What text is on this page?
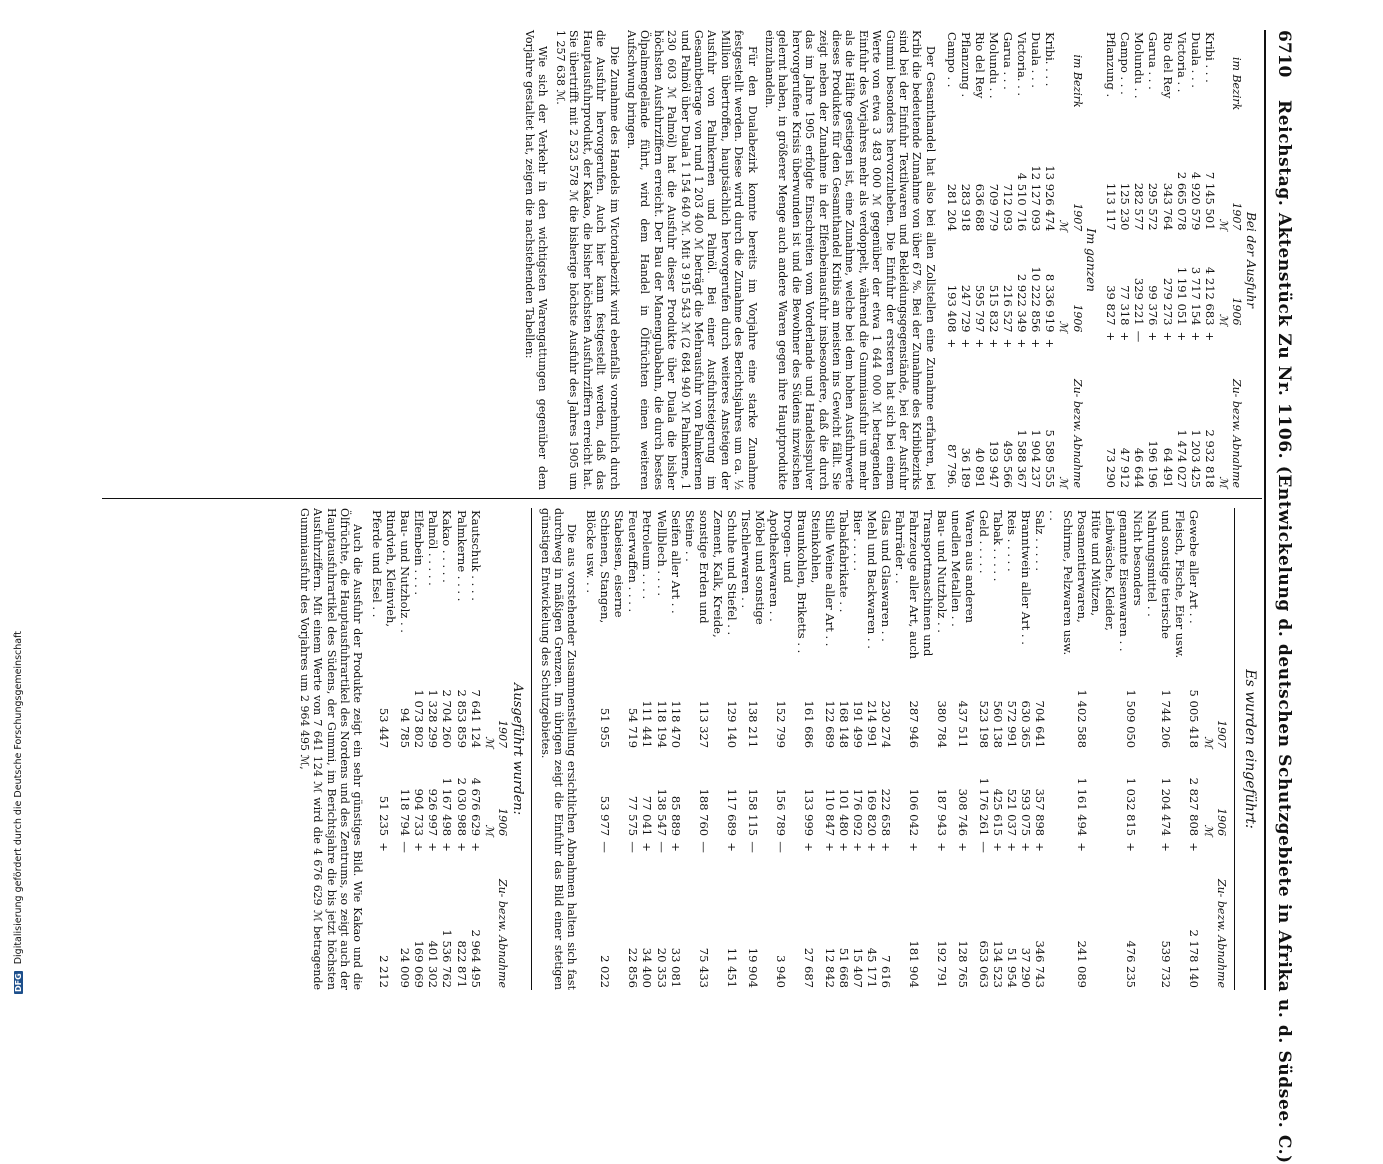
DFG Digitalisierung gefördert durch die Deutsche Forschungsgemeinschaft
6710
Reichstag. Aktenstück Zu Nr. 1106. (Entwickelung d. deutschen Schutzgebiete in Afrika u. d. Südsee. C.)
Bei der Ausfuhr
im Bezirk	1907	1906	Zu- bezw. Abnahme	
	ℳ	ℳ		ℳ
Kribi . . .	7 145 501	4 212 683	+	2 932 818
Duala . . .	4 920 579	3 717 154	+	1 203 425
Victoria . .	2 665 078	1 191 051	+	1 474 027
Rio del Rey	343 764	279 273	+	64 491
Garua . . .	295 572	99 376	+	196 196
Molundu . .	282 577	329 221	—	46 644
Campo . . .	125 230	77 318	+	47 912
Pflanzung .	113 117	39 827	+	73 290
Im ganzen
im Bezirk	1907	1906	Zu- bezw. Abnahme	
	ℳ	ℳ		ℳ
Kribi. . . .	13 926 474	8 336 919	+	5 589 555
Duala . . .	12 127 093	10 222 856	+	1 904 237
Victoria. . .	4 510 716	2 922 349	+	1 588 367
Garua . . .	712 093	216 527	+	495 566
Molundu . .	709 779	515 832	+	193 947
Rio del Rey	636 688	595 797	+	40 891
Pflanzung .	283 918	247 729	+	36 189
Campo . .	281 204	193 408	+	87 796.

Der Gesamthandel hat also bei allen Zollstellen eine Zunahme erfahren, bei Kribi die bedeutende Zunahme von über 67 %. Bei der Zunahme des Kribibezirks sind bei der Einfuhr Textilwaren und Bekleidungsgegenstände, bei der Ausfuhr Gummi besonders hervorzuheben. Die Einfuhr der ersteren hat sich bei einem Werte von etwa 3 483 000 ℳ gegenüber der etwa 1 644 000 ℳ betragenden Einfuhr des Vorjahres mehr als verdoppelt, während die Gummiausfuhr um mehr als die Hälfte gestiegen ist, eine Zunahme, welche bei dem hohen Ausfuhrwerte dieses Produktes für den Gesamthandel Kribis am meisten ins Gewicht fällt. Sie zeigt neben der Zunahme in der Elfenbeinausfuhr insbesondere, daß die durch das im Jahre 1905 erfolgte Einschreiten vom Vorderlande und Handelsspulver hervorgerufene Krisis überwunden ist und die Bewohner des Südens inzwischen gelernt haben, in größerer Menge auch andere Waren gegen ihre Hauptprodukte einzuhandeln.

Für den Dualabezirk konnte bereits im Vorjahre eine starke Zunahme festgestellt werden. Diese wird durch die Zunahme des Berichtsjahres um ca. ½ Million übertroffen, hauptsächlich hervorgerufen durch weiteres Ansteigen der Ausfuhr von Palmkernen und Palmöl. Bei einer Ausfuhrsteigerung im Gesamtbetrage von rund 1 203 400 ℳ beträgt die Mehrausfuhr von Palmkernen und Palmöl über Duala 1 154 640 ℳ. Mit 3 915 543 ℳ (2 684 940 ℳ Palmkerne, 1 230 603 ℳ Palmöl) hat die Ausfuhr dieser Produkte über Duala die bisher höchsten Ausfuhrziffern erreicht. Der Bau der Manengubabahn, die durch bestes Ölpalmengelände führt, wird dem Handel in Ölfrüchten einen weiteren Aufschwung bringen.

Die Zunahme des Handels im Victoriabezirk wird ebenfalls vornehmlich durch die Ausfuhr hervorgerufen. Auch hier kann festgestellt werden, daß das Hauptausfuhrprodukt, der Kakao, die bisher höchsten Ausfuhrziffern erreicht hat. Sie übertrifft mit 2 523 578 ℳ die bisherige höchste Ausfuhr des Jahres 1905 um 1 257 638 ℳ.

Wie sich der Verkehr in den wichtigsten Warengattungen gegenüber dem Vorjahre gestaltet hat, zeigen die nachstehenden Tabellen:

Es wurden eingeführt:
	1907	1906	Zu- bezw. Abnahme	
	ℳ	ℳ		
Gewebe aller Art . .	5 005 418	2 827 808	+	2 178 140
Fleisch, Fische, Eier usw. und sonstige tierische Nahrungsmittel . .	1 744 206	1 204 474	+	539 732
Nicht besonders genannte Eisenwaren . .	1 509 050	1 032 815	+	476 235
Leibwäsche, Kleider, Hüte und Mützen, Posamentierwaren, Schirme, Pelzwaren usw. . .	1 402 588	1 161 494	+	241 089
Salz . . . . .	704 641	357 898	+	346 743
Branntwein aller Art . .	630 365	593 075	+	37 290
Reis . . . . .	572 991	521 037	+	51 954
Tabak . . . . .	560 138	425 615	+	134 523
Geld . . . . .	523 198	1 176 261	—	653 063
Waren aus anderen unedlen Metallen . .	437 511	308 746	+	128 765
Bau- und Nutzholz . .	380 784	187 943	+	192 791
Transportmaschinen und Fahrzeuge aller Art, auch Fahrräder . .	287 946	106 042	+	181 904
Glas und Glaswaren . .	230 274	222 658	+	7 616
Mehl und Backwaren . .	214 991	169 820	+	45 171
Bier . . . . .	191 499	176 092	+	15 407
Tabakfabrikate . .	168 148	101 480	+	51 668
Stille Weine aller Art . .	122 689	110 847	+	12 842
Steinkohlen, Braunkohlen, Briketts . .	161 686	133 999	+	27 687
Drogen- und Apothekerwaren . .	152 799	156 789	—	3 940
Möbel und sonstige Tischlerwaren . .	138 211	158 115	—	19 904
Schuhe und Stiefel . .	129 140	117 689	+	11 451
Zement, Kalk, Kreide, sonstige Erden und Steine . .	113 327	188 760	—	75 433
Seifen aller Art . .	118 470	85 889	+	33 081
Wellblech . . . .	118 194	138 547	—	20 353
Petroleum . . . .	111 441	77 041	+	34 400
Feuerwaffen . . . .	54 719	77 575	—	22 856
Stabeisen, eiserne Schienen, Stangen, Blöcke usw. . .	51 955	53 977	—	2 022

Die aus vorstehender Zusammenstellung ersichtlichen Abnahmen halten sich fast durchweg in mäßigen Grenzen. Im übrigen zeigt die Einfuhr das Bild einer stetigen günstigen Entwickelung des Schutzgebietes.

Ausgeführt wurden:
	1907	1906	Zu- bezw. Abnahme	
	ℳ	ℳ		
Kautschuk . . . .	7 641 124	4 676 629	+	2 964 495
Palmkerne . . . .	2 853 859	2 030 988	+	822 871
Kakao . . . . .	2 704 260	1 167 498	+	1 536 762
Palmöl . . . . .	1 328 299	926 997	+	401 302
Elfenbein . . . .	1 073 802	904 733	+	169 069
Bau- und Nutzholz . .	94 785	118 794	—	24 009
Rindvieh, Kleinvieh, Pferde und Esel . .	53 447	51 235	+	2 212

Auch die Ausfuhr der Produkte zeigt ein sehr günstiges Bild. Wie Kakao und die Ölfrüchte, die Hauptausfuhrartikel des Nordens und des Zentrums, so zeigt auch der Hauptausfuhrartikel des Südens, der Gummi, im Berichtsjahre die bis jetzt höchsten Ausfuhrziffern. Mit einem Werte von 7 641 124 ℳ wird die 4 676 629 ℳ betragende Gummiausfuhr des Vorjahres um 2 964 495 ℳ,
